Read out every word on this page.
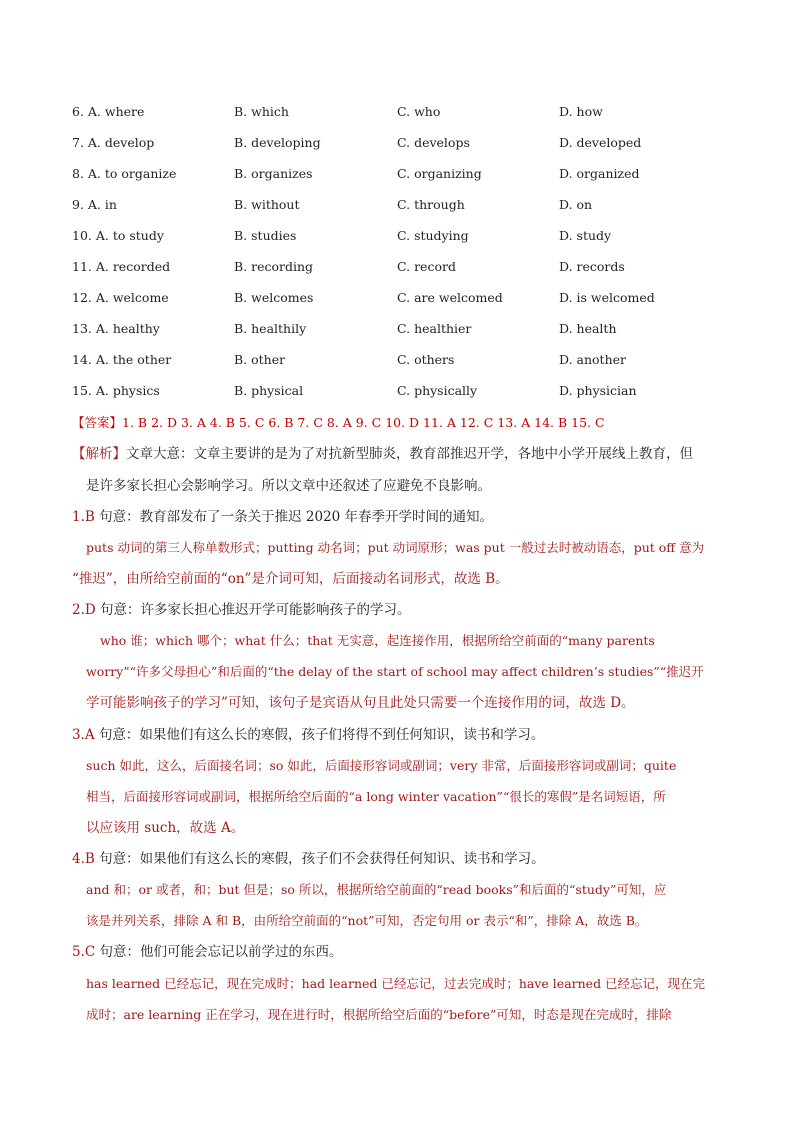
6. A. where	B. which	C. who	D. how
7. A. develop	B. developing	C. develops	D. developed
8. A. to organize	B. organizes	C. organizing	D. organized
9. A. in	B. without	C. through	D. on
10. A. to study	B. studies	C. studying	D. study
11. A. recorded	B. recording	C. record	D. records
12. A. welcome	B. welcomes	C. are welcomed	D. is welcomed
13. A. healthy	B. healthily	C. healthier	D. health
14. A. the other	B. other	C. others	D. another
15. A. physics	B. physical	C. physically	D. physician
【答案】1. B 2. D 3. A 4. B 5. C 6. B 7. C 8. A 9. C 10. D 11. A 12. C 13. A 14. B 15. C
【解析】文章大意：文章主要讲的是为了对抗新型肺炎，教育部推迟开学，各地中小学开展线上教育，但
是许多家长担心会影响学习。所以文章中还叙述了应避免不良影响。
1.B 句意：教育部发布了一条关于推迟 2020 年春季开学时间的通知。
puts 动词的第三人称单数形式；putting 动名词；put 动词原形；was put 一般过去时被动语态，put off 意为
“推迟”，由所给空前面的“on”是介词可知，后面接动名词形式，故选 B。
2.D 句意：许多家长担心推迟开学可能影响孩子的学习。
who 谁；which 哪个；what 什么；that 无实意，起连接作用，根据所给空前面的“many parents
worry”“许多父母担心”和后面的“the delay of the start of school may affect children’s studies”“推迟开
学可能影响孩子的学习”可知，该句子是宾语从句且此处只需要一个连接作用的词，故选 D。
3.A 句意：如果他们有这么长的寒假，孩子们将得不到任何知识，读书和学习。
such 如此，这么，后面接名词；so 如此，后面接形容词或副词；very 非常，后面接形容词或副词；quite
相当，后面接形容词或副词，根据所给空后面的“a long winter vacation”“很长的寒假”是名词短语，所
以应该用 such，故选 A。
4.B 句意：如果他们有这么长的寒假，孩子们不会获得任何知识、读书和学习。
and 和；or 或者，和；but 但是；so 所以，根据所给空前面的“read books”和后面的“study”可知，应
该是并列关系，排除 A 和 B，由所给空前面的“not”可知，否定句用 or 表示“和”，排除 A，故选 B。
5.C 句意：他们可能会忘记以前学过的东西。
has learned 已经忘记，现在完成时；had learned 已经忘记，过去完成时；have learned 已经忘记，现在完
成时；are learning 正在学习，现在进行时，根据所给空后面的“before”可知，时态是现在完成时，排除
